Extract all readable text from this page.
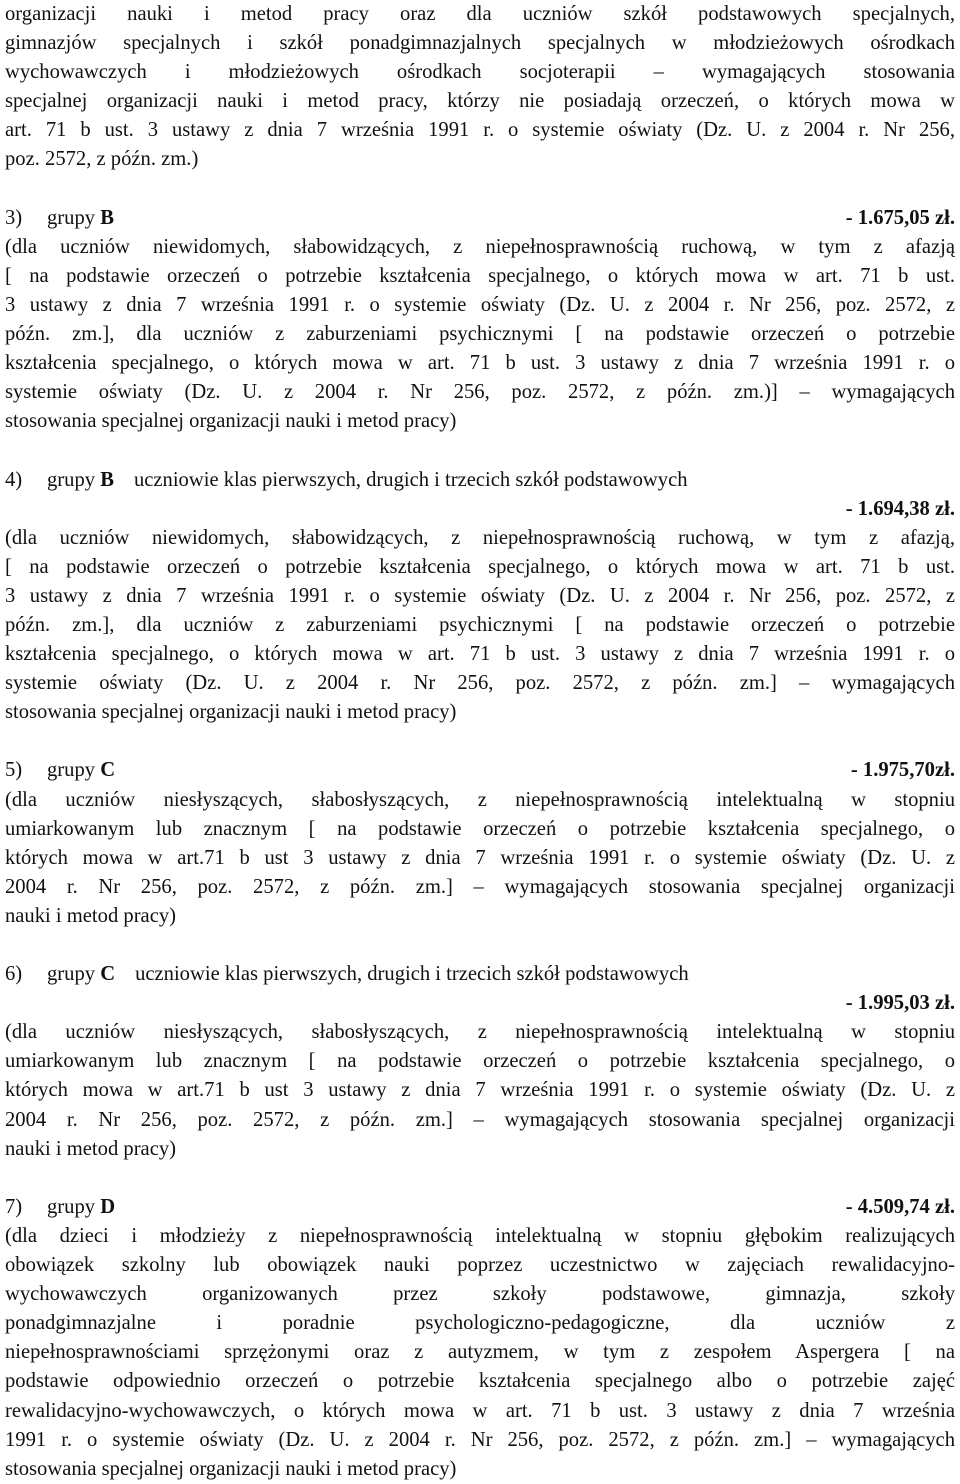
organizacji nauki i metod pracy oraz dla uczniów szkół podstawowych specjalnych,
gimnazjów specjalnych i szkół ponadgimnazjalnych specjalnych w młodzieżowych ośrodkach
wychowawczych i młodzieżowych ośrodkach socjoterapii – wymagających stosowania
specjalnej organizacji nauki i metod pracy, którzy nie posiadają orzeczeń, o których mowa w
art. 71 b ust. 3 ustawy z dnia 7 września 1991 r. o systemie oświaty (Dz. U. z 2004 r. Nr 256,
poz. 2572, z późn. zm.)
3) grupy B	- 1.675,05 zł.
(dla uczniów niewidomych, słabowidzących, z niepełnosprawnością ruchową, w tym z afazją
[ na podstawie orzeczeń o potrzebie kształcenia specjalnego, o których mowa w art. 71 b ust.
3 ustawy z dnia 7 września 1991 r. o systemie oświaty (Dz. U. z 2004 r. Nr 256, poz. 2572, z
późn. zm.], dla uczniów z zaburzeniami psychicznymi [ na podstawie orzeczeń o potrzebie
kształcenia specjalnego, o których mowa w art. 71 b ust. 3 ustawy z dnia 7 września 1991 r. o
systemie oświaty (Dz. U. z 2004 r. Nr 256, poz. 2572, z późn. zm.)] – wymagających
stosowania specjalnej organizacji nauki i metod pracy)
4) grupy B uczniowie klas pierwszych, drugich i trzecich szkół podstawowych
- 1.694,38 zł.
(dla uczniów niewidomych, słabowidzących, z niepełnosprawnością ruchową, w tym z afazją,
[ na podstawie orzeczeń o potrzebie kształcenia specjalnego, o których mowa w art. 71 b ust.
3 ustawy z dnia 7 września 1991 r. o systemie oświaty (Dz. U. z 2004 r. Nr 256, poz. 2572, z
późn. zm.], dla uczniów z zaburzeniami psychicznymi [ na podstawie orzeczeń o potrzebie
kształcenia specjalnego, o których mowa w art. 71 b ust. 3 ustawy z dnia 7 września 1991 r. o
systemie oświaty (Dz. U. z 2004 r. Nr 256, poz. 2572, z późn. zm.] – wymagających
stosowania specjalnej organizacji nauki i metod pracy)
5) grupy C	- 1.975,70zł.
(dla uczniów niesłyszących, słabosłyszących, z niepełnosprawnością intelektualną w stopniu
umiarkowanym lub znacznym [ na podstawie orzeczeń o potrzebie kształcenia specjalnego, o
których mowa w art.71 b ust 3 ustawy z dnia 7 września 1991 r. o systemie oświaty (Dz. U. z
2004 r. Nr 256, poz. 2572, z późn. zm.] – wymagających stosowania specjalnej organizacji
nauki i metod pracy)
6) grupy C uczniowie klas pierwszych, drugich i trzecich szkół podstawowych
- 1.995,03 zł.
(dla uczniów niesłyszących, słabosłyszących, z niepełnosprawnością intelektualną w stopniu
umiarkowanym lub znacznym [ na podstawie orzeczeń o potrzebie kształcenia specjalnego, o
których mowa w art.71 b ust 3 ustawy z dnia 7 września 1991 r. o systemie oświaty (Dz. U. z
2004 r. Nr 256, poz. 2572, z późn. zm.] – wymagających stosowania specjalnej organizacji
nauki i metod pracy)
7) grupy D	- 4.509,74 zł.
(dla dzieci i młodzieży z niepełnosprawnością intelektualną w stopniu głębokim realizujących
obowiązek szkolny lub obowiązek nauki poprzez uczestnictwo w zajęciach rewalidacyjno-
wychowawczych organizowanych przez szkoły podstawowe, gimnazja, szkoły
ponadgimnazjalne i poradnie psychologiczno-pedagogiczne, dla uczniów z
niepełnosprawnościami sprzężonymi oraz z autyzmem, w tym z zespołem Aspergera [ na
podstawie odpowiednio orzeczeń o potrzebie kształcenia specjalnego albo o potrzebie zajęć
rewalidacyjno-wychowawczych, o których mowa w art. 71 b ust. 3 ustawy z dnia 7 września
1991 r. o systemie oświaty (Dz. U. z 2004 r. Nr 256, poz. 2572, z późn. zm.] – wymagających
stosowania specjalnej organizacji nauki i metod pracy)
